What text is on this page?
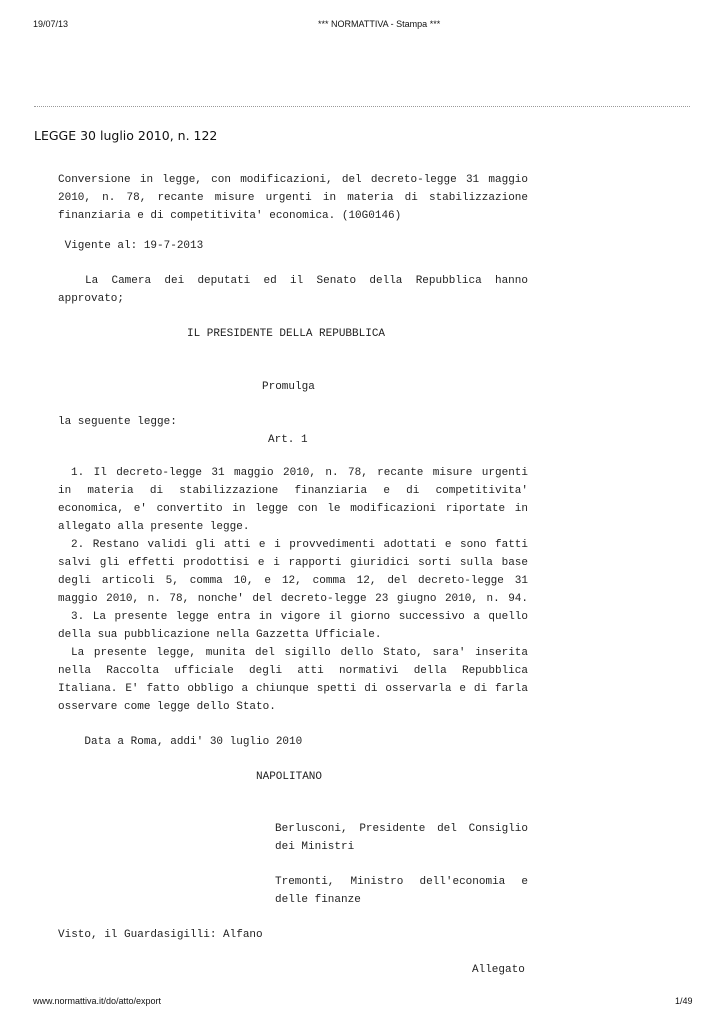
19/07/13	*** NORMATTIVA - Stampa ***
LEGGE 30 luglio 2010, n. 122
Conversione in legge, con modificazioni, del decreto-legge 31 maggio
2010, n. 78, recante misure urgenti in materia di stabilizzazione
finanziaria e di competitivita' economica. (10G0146)
Vigente al: 19-7-2013
La Camera dei deputati ed il Senato della Repubblica hanno
approvato;
IL PRESIDENTE DELLA REPUBBLICA
Promulga
la seguente legge:
Art. 1
1. Il decreto-legge 31 maggio 2010, n. 78, recante misure urgenti
in materia di stabilizzazione finanziaria e di competitivita'
economica, e' convertito in legge con le modificazioni riportate in
allegato alla presente legge.
2. Restano validi gli atti e i provvedimenti adottati e sono fatti
salvi gli effetti prodottisi e i rapporti giuridici sorti sulla base
degli articoli 5, comma 10, e 12, comma 12, del decreto-legge 31
maggio 2010, n. 78, nonche' del decreto-legge 23 giugno 2010, n. 94.
3. La presente legge entra in vigore il giorno successivo a quello
della sua pubblicazione nella Gazzetta Ufficiale.
La presente legge, munita del sigillo dello Stato, sara' inserita
nella Raccolta ufficiale degli atti normativi della Repubblica
Italiana. E' fatto obbligo a chiunque spetti di osservarla e di farla
osservare come legge dello Stato.
Data a Roma, addi' 30 luglio 2010
NAPOLITANO
Berlusconi, Presidente del Consiglio
dei Ministri
Tremonti, Ministro dell'economia e
delle finanze
Visto, il Guardasigilli: Alfano
Allegato
www.normattiva.it/do/atto/export	1/49
